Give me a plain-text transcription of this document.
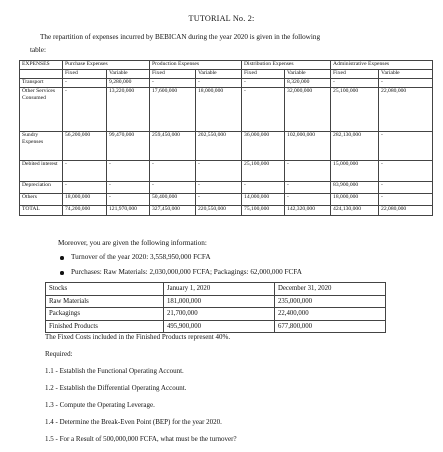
TUTORIAL No. 2:
The repartition of expenses incurred by BEBICAN during the year 2020 is given in the following
table:
EXPENSES	Purchase Expenses		Production Expenses		Distribution Expenses		Administrative Expenses	
	Fixed	Variable	Fixed	Variable	Fixed	Variable	Fixed	Variable
Transport	-	9,280,000	-	-	-	8,320,000	-	-
Other Services Consumed	-	13,220,000	17,600,000	18,000,000	-	32,000,000	25,100,000	22,080,000
Sundry Expenses	56,200,000	99,470,000	259,450,000	202,550,000	36,000,000	102,000,000	282,130,000	-
Debited interest	-	-	-	-	25,100,000	-	15,000,000	-
Depreciation	-	-	-	-	-	-	83,900,000	-
Others	18,000,000	-	50,400,000	-	14,000,000	-	18,000,000	-
TOTAL	74,200,000	121,970,000	327,450,000	220,550,000	75,100,000	142,320,000	424,130,000	22,080,000
Moreover, you are given the following information:
Turnover of the year 2020: 3,558,950,000 FCFA
Purchases: Raw Materials: 2,030,000,000 FCFA; Packagings: 62,000,000 FCFA
Stocks	January 1, 2020	December 31, 2020
Raw Materials	181,000,000	235,000,000
Packagings	21,700,000	22,400,000
Finished Products	495,900,000	677,800,000
The Fixed Costs included in the Finished Products represent 40%.
Required:
1.1 - Establish the Functional Operating Account.
1.2 - Establish the Differential Operating Account.
1.3 - Compute the Operating Leverage.
1.4 - Determine the Break-Even Point (BEP) for the year 2020.
1.5 - For a Result of 500,000,000 FCFA, what must be the turnover?
